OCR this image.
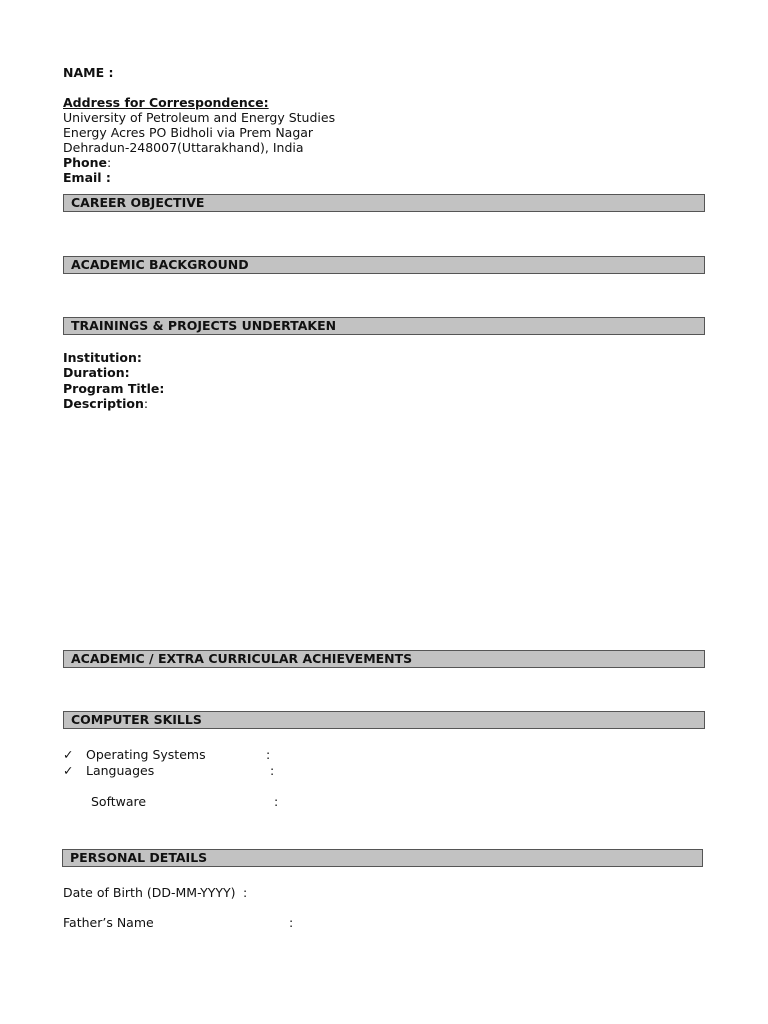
NAME :
Address for Correspondence:
University of Petroleum and Energy Studies
Energy Acres PO Bidholi via Prem Nagar
Dehradun-248007(Uttarakhand), India
Phone:
Email :
CAREER OBJECTIVE
ACADEMIC BACKGROUND
TRAININGS & PROJECTS UNDERTAKEN
Institution:
Duration:
Program Title:
Description:
ACADEMIC / EXTRA CURRICULAR ACHIEVEMENTS
COMPUTER SKILLS
✓ Operating Systems	:
✓ Languages	:
Software	:
PERSONAL DETAILS
Date of Birth (DD-MM-YYYY) :
Father’s Name	:
